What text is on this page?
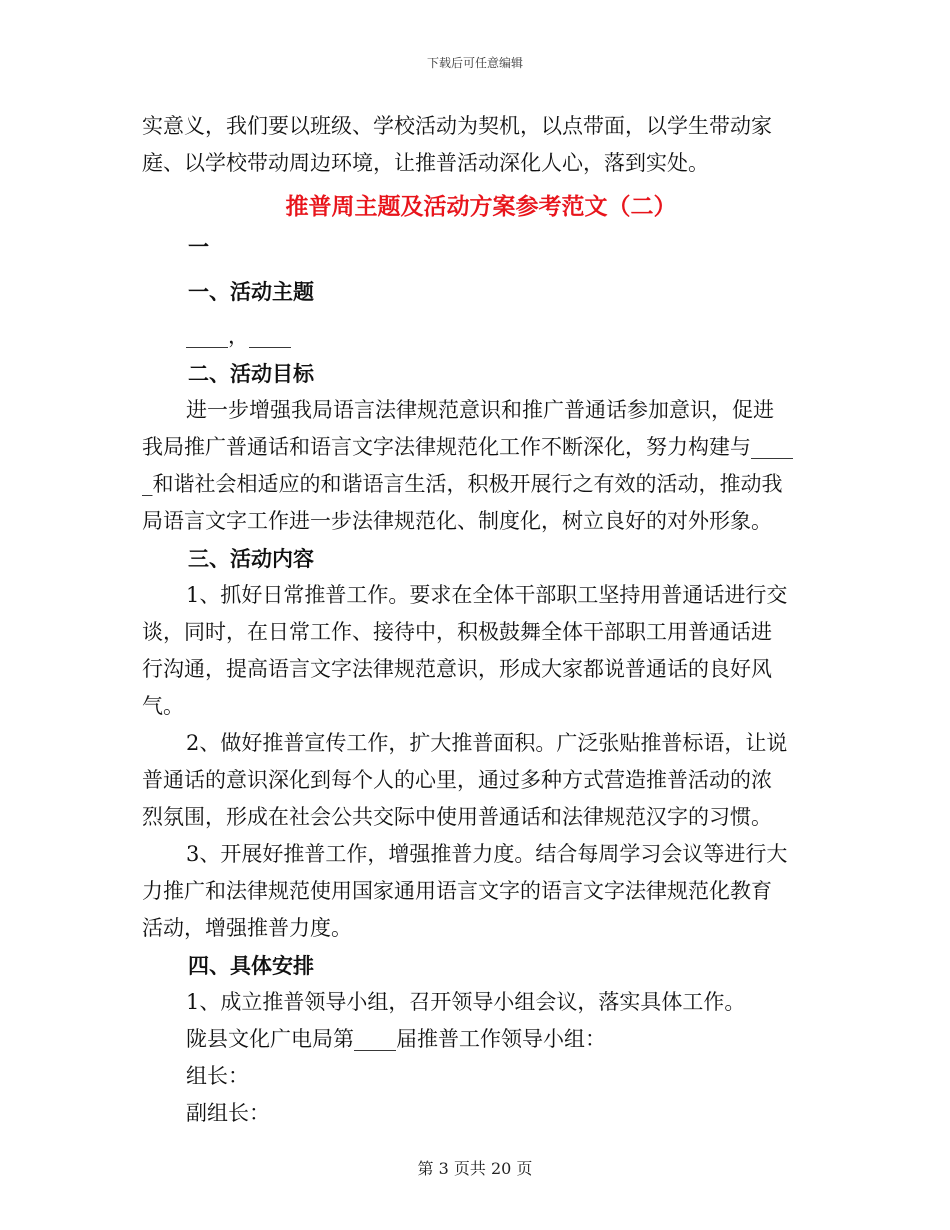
下载后可任意编辑

实意义，我们要以班级、学校活动为契机，以点带面，以学生带动家

庭、以学校带动周边环境，让推普活动深化人心，落到实处。

推普周主题及活动方案参考范文（二）

一

一、活动主题

____，____

二、活动目标

进一步增强我局语言法律规范意识和推广普通话参加意识，促进

我局推广普通话和语言文字法律规范化工作不断深化，努力构建与____

_和谐社会相适应的和谐语言生活，积极开展行之有效的活动，推动我

局语言文字工作进一步法律规范化、制度化，树立良好的对外形象。

三、活动内容

1、抓好日常推普工作。要求在全体干部职工坚持用普通话进行交

谈，同时，在日常工作、接待中，积极鼓舞全体干部职工用普通话进

行沟通，提高语言文字法律规范意识，形成大家都说普通话的良好风

气。

2、做好推普宣传工作，扩大推普面积。广泛张贴推普标语，让说

普通话的意识深化到每个人的心里，通过多种方式营造推普活动的浓

烈氛围，形成在社会公共交际中使用普通话和法律规范汉字的习惯。

3、开展好推普工作，增强推普力度。结合每周学习会议等进行大

力推广和法律规范使用国家通用语言文字的语言文字法律规范化教育

活动，增强推普力度。

四、具体安排

1、成立推普领导小组，召开领导小组会议，落实具体工作。

陇县文化广电局第____届推普工作领导小组：

组长：

副组长：

第 3 页共 20 页
